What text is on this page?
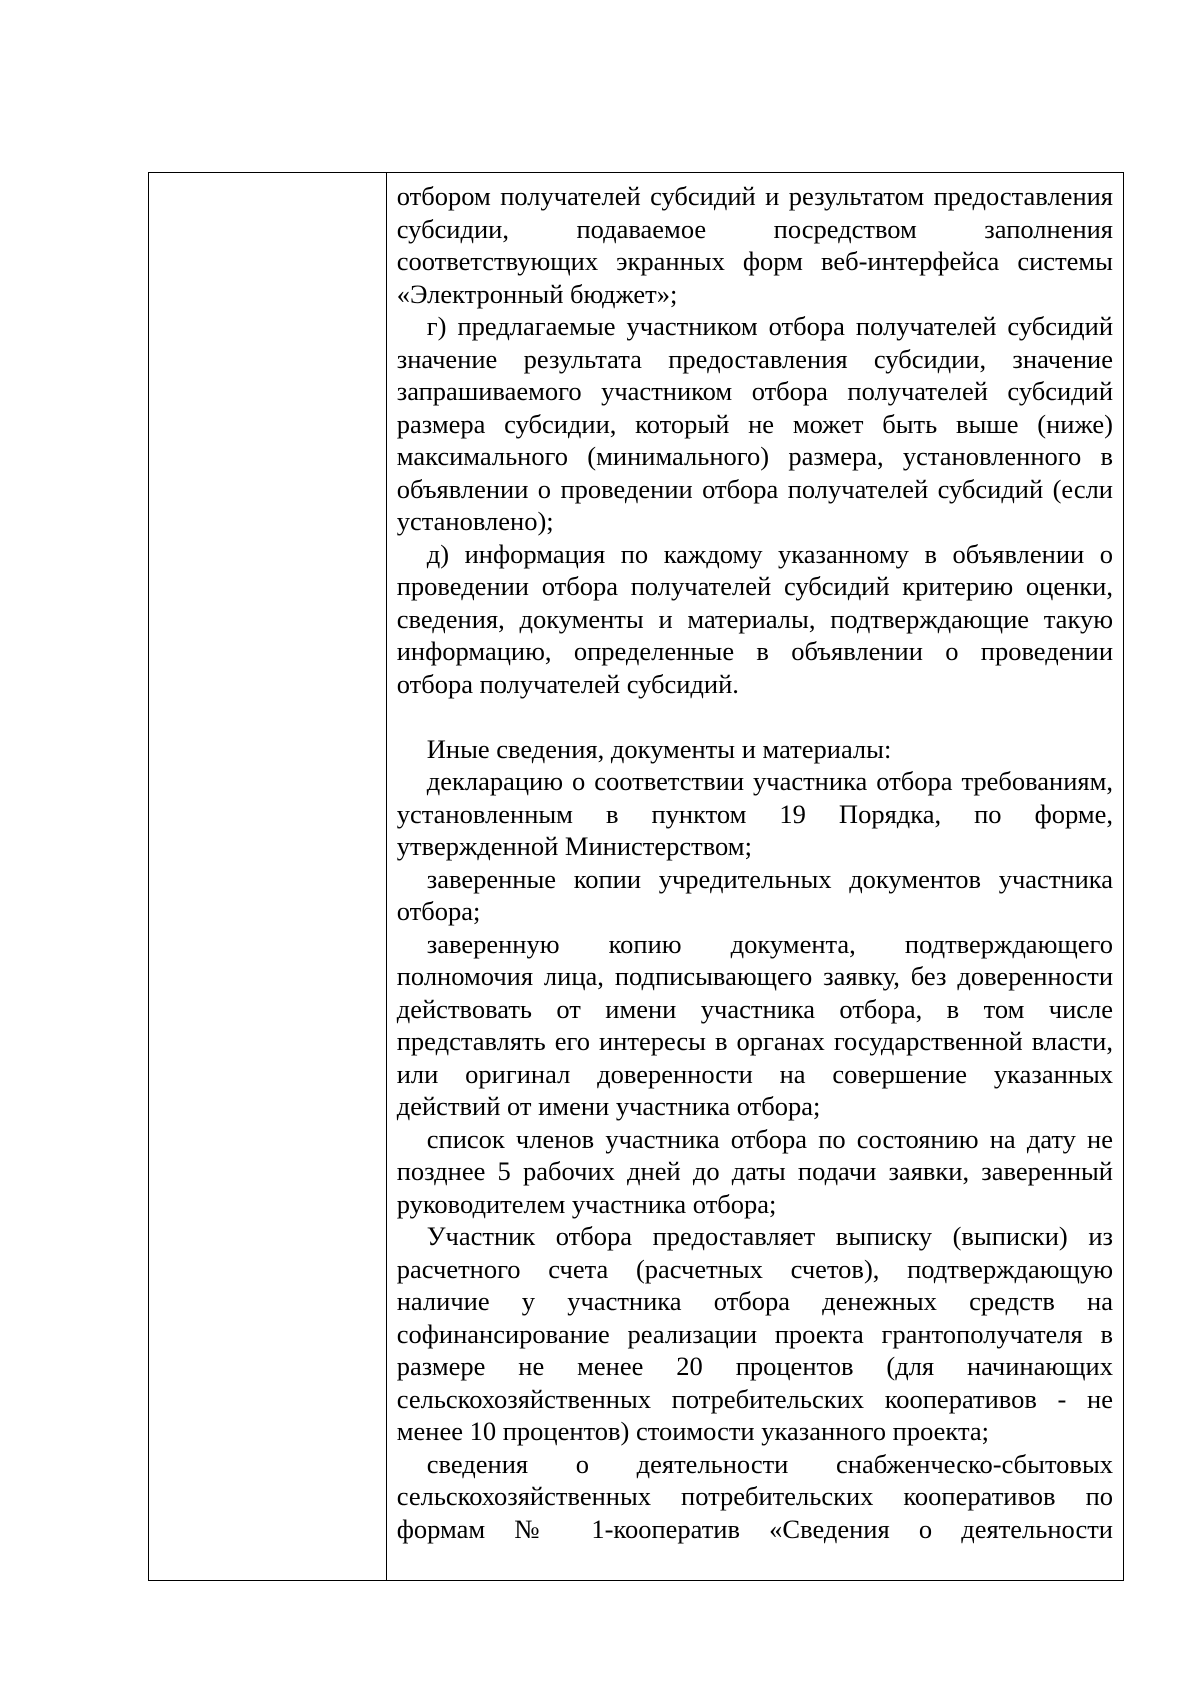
отбором получателей субсидий и результатом предоставления субсидии, подаваемое посредством заполнения соответствующих экранных форм веб-интерфейса системы «Электронный бюджет»;

г) предлагаемые участником отбора получателей субсидий значение результата предоставления субсидии, значение запрашиваемого участником отбора получателей субсидий размера субсидии, который не может быть выше (ниже) максимального (минимального) размера, установленного в объявлении о проведении отбора получателей субсидий (если установлено);

д) информация по каждому указанному в объявлении о проведении отбора получателей субсидий критерию оценки, сведения, документы и материалы, подтверждающие такую информацию, определенные в объявлении о проведении отбора получателей субсидий.

Иные сведения, документы и материалы:

декларацию о соответствии участника отбора требованиям, установленным в пунктом 19 Порядка, по форме, утвержденной Министерством;

заверенные копии учредительных документов участника отбора;

заверенную копию документа, подтверждающего полномочия лица, подписывающего заявку, без доверенности действовать от имени участника отбора, в том числе представлять его интересы в органах государственной власти, или оригинал доверенности на совершение указанных действий от имени участника отбора;

список членов участника отбора по состоянию на дату не позднее 5 рабочих дней до даты подачи заявки, заверенный руководителем участника отбора;

Участник отбора предоставляет выписку (выписки) из расчетного счета (расчетных счетов), подтверждающую наличие у участника отбора денежных средств на софинансирование реализации проекта грантополучателя в размере не менее 20 процентов (для начинающих сельскохозяйственных потребительских кооперативов - не менее 10 процентов) стоимости указанного проекта;

сведения о деятельности снабженческо-сбытовых сельскохозяйственных потребительских кооперативов по формам № 1-кооператив «Сведения о деятельности
